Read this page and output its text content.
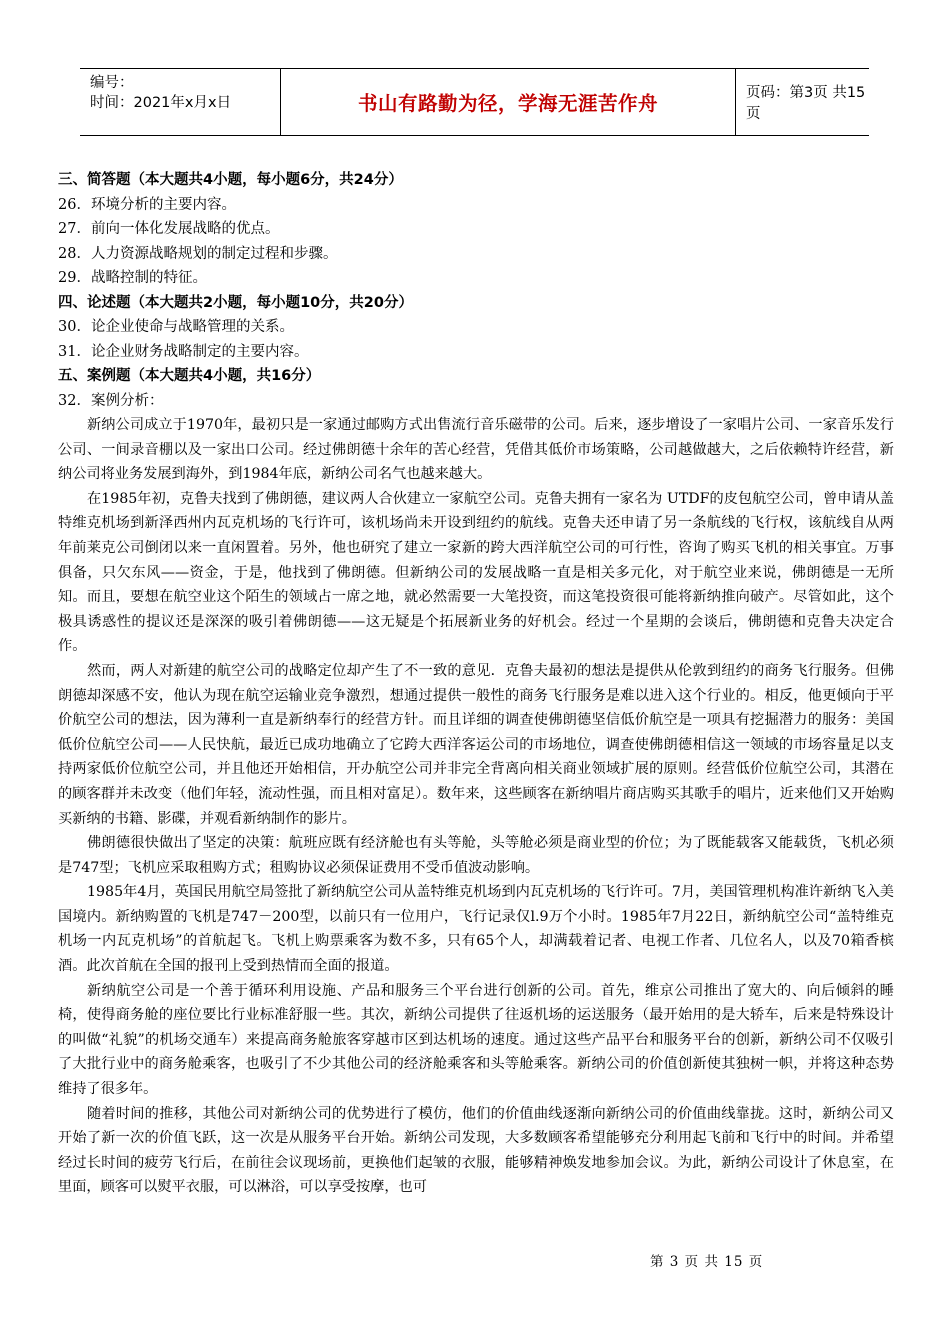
编号：
时间：2021年x月x日	书山有路勤为径，学海无涯苦作舟	页码：第3页 共15页
三、简答题（本大题共4小题，每小题6分，共24分）
26．环境分析的主要内容。
27．前向一体化发展战略的优点。
28．人力资源战略规划的制定过程和步骤。
29．战略控制的特征。
四、论述题（本大题共2小题，每小题10分，共20分）
30．论企业使命与战略管理的关系。
31．论企业财务战略制定的主要内容。
五、案例题（本大题共4小题，共16分）
32．案例分析：

新纳公司成立于1970年，最初只是一家通过邮购方式出售流行音乐磁带的公司。后来，逐步增设了一家唱片公司、一家音乐发行公司、一间录音棚以及一家出口公司。经过佛朗德十余年的苦心经营，凭借其低价市场策略，公司越做越大，之后依赖特许经营，新纳公司将业务发展到海外，到1984年底，新纳公司名气也越来越大。

在1985年初，克鲁夫找到了佛朗德，建议两人合伙建立一家航空公司。克鲁夫拥有一家名为 UTDF的皮包航空公司，曾申请从盖特维克机场到新泽西州内瓦克机场的飞行许可，该机场尚未开设到纽约的航线。克鲁夫还申请了另一条航线的飞行权，该航线自从两年前莱克公司倒闭以来一直闲置着。另外，他也研究了建立一家新的跨大西洋航空公司的可行性，咨询了购买飞机的相关事宜。万事俱备，只欠东风——资金，于是，他找到了佛朗德。但新纳公司的发展战略一直是相关多元化，对于航空业来说，佛朗德是一无所知。而且，要想在航空业这个陌生的领域占一席之地，就必然需要一大笔投资，而这笔投资很可能将新纳推向破产。尽管如此，这个极具诱惑性的提议还是深深的吸引着佛朗德——这无疑是个拓展新业务的好机会。经过一个星期的会谈后，佛朗德和克鲁夫决定合作。

然而，两人对新建的航空公司的战略定位却产生了不一致的意见．克鲁夫最初的想法是提供从伦敦到纽约的商务飞行服务。但佛朗德却深感不安，他认为现在航空运输业竞争激烈，想通过提供一般性的商务飞行服务是难以进入这个行业的。相反，他更倾向于平价航空公司的想法，因为薄利一直是新纳奉行的经营方针。而且详细的调查使佛朗德坚信低价航空是一项具有挖掘潜力的服务：美国低价位航空公司——人民快航，最近已成功地确立了它跨大西洋客运公司的市场地位，调查使佛朗德相信这一领域的市场容量足以支持两家低价位航空公司，并且他还开始相信，开办航空公司并非完全背离向相关商业领域扩展的原则。经营低价位航空公司，其潜在的顾客群并未改变（他们年轻，流动性强，而且相对富足）。数年来，这些顾客在新纳唱片商店购买其歌手的唱片，近来他们又开始购买新纳的书籍、影碟，并观看新纳制作的影片。

佛朗德很快做出了坚定的决策：航班应既有经济舱也有头等舱，头等舱必须是商业型的价位；为了既能载客又能载货，飞机必须是747型；飞机应采取租购方式；租购协议必须保证费用不受币值波动影响。

1985年4月，英国民用航空局签批了新纳航空公司从盖特维克机场到内瓦克机场的飞行许可。7月，美国管理机构准许新纳飞入美国境内。新纳购置的飞机是747－200型，以前只有一位用户，飞行记录仅l.9万个小时。1985年7月22日，新纳航空公司“盖特维克机场一内瓦克机场”的首航起飞。飞机上购票乘客为数不多，只有65个人，却满载着记者、电视工作者、几位名人，以及70箱香槟酒。此次首航在全国的报刊上受到热情而全面的报道。

新纳航空公司是一个善于循环利用设施、产品和服务三个平台进行创新的公司。首先，维京公司推出了宽大的、向后倾斜的睡椅，使得商务舱的座位要比行业标准舒服一些。其次，新纳公司提供了往返机场的运送服务（最开始用的是大轿车，后来是特殊设计的叫做“礼貌”的机场交通车）来提高商务舱旅客穿越市区到达机场的速度。通过这些产品平台和服务平台的创新，新纳公司不仅吸引了大批行业中的商务舱乘客，也吸引了不少其他公司的经济舱乘客和头等舱乘客。新纳公司的价值创新使其独树一帜，并将这种态势维持了很多年。

随着时间的推移，其他公司对新纳公司的优势进行了模仿，他们的价值曲线逐渐向新纳公司的价值曲线靠拢。这时，新纳公司又开始了新一次的价值飞跃，这一次是从服务平台开始。新纳公司发现，大多数顾客希望能够充分利用起飞前和飞行中的时间。并希望经过长时间的疲劳飞行后，在前往会议现场前，更换他们起皱的衣服，能够精神焕发地参加会议。为此，新纳公司设计了休息室，在里面，顾客可以熨平衣服，可以淋浴，可以享受按摩，也可

第 3 页 共 15 页
